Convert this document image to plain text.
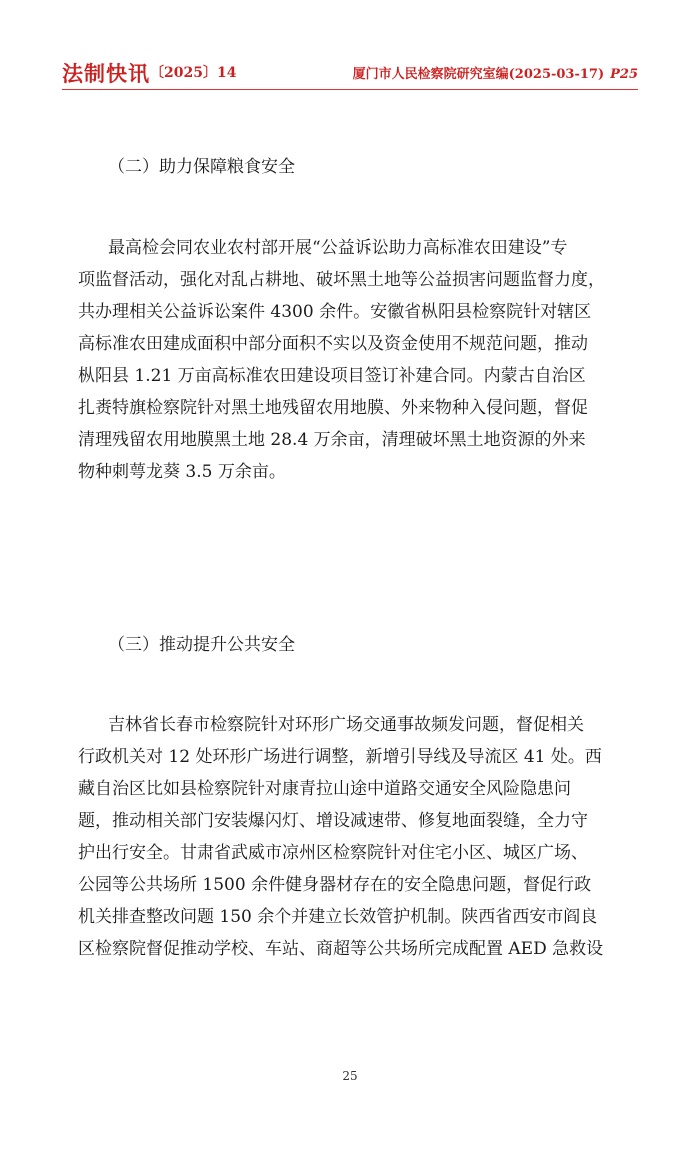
法制快讯 〔2025〕14	厦门市人民检察院研究室编(2025-03-17) P25
（二）助力保障粮食安全
最高检会同农业农村部开展“公益诉讼助力高标准农田建设”专
项监督活动，强化对乱占耕地、破坏黑土地等公益损害问题监督力度，
共办理相关公益诉讼案件 4300 余件。安徽省枞阳县检察院针对辖区
高标准农田建成面积中部分面积不实以及资金使用不规范问题，推动
枞阳县 1.21 万亩高标准农田建设项目签订补建合同。内蒙古自治区
扎赉特旗检察院针对黑土地残留农用地膜、外来物种入侵问题，督促
清理残留农用地膜黑土地 28.4 万余亩，清理破坏黑土地资源的外来
物种刺萼龙葵 3.5 万余亩。
（三）推动提升公共安全
吉林省长春市检察院针对环形广场交通事故频发问题，督促相关
行政机关对 12 处环形广场进行调整，新增引导线及导流区 41 处。西
藏自治区比如县检察院针对康青拉山途中道路交通安全风险隐患问
题，推动相关部门安装爆闪灯、增设减速带、修复地面裂缝，全力守
护出行安全。甘肃省武威市凉州区检察院针对住宅小区、城区广场、
公园等公共场所 1500 余件健身器材存在的安全隐患问题，督促行政
机关排查整改问题 150 余个并建立长效管护机制。陕西省西安市阎良
区检察院督促推动学校、车站、商超等公共场所完成配置 AED 急救设
25
